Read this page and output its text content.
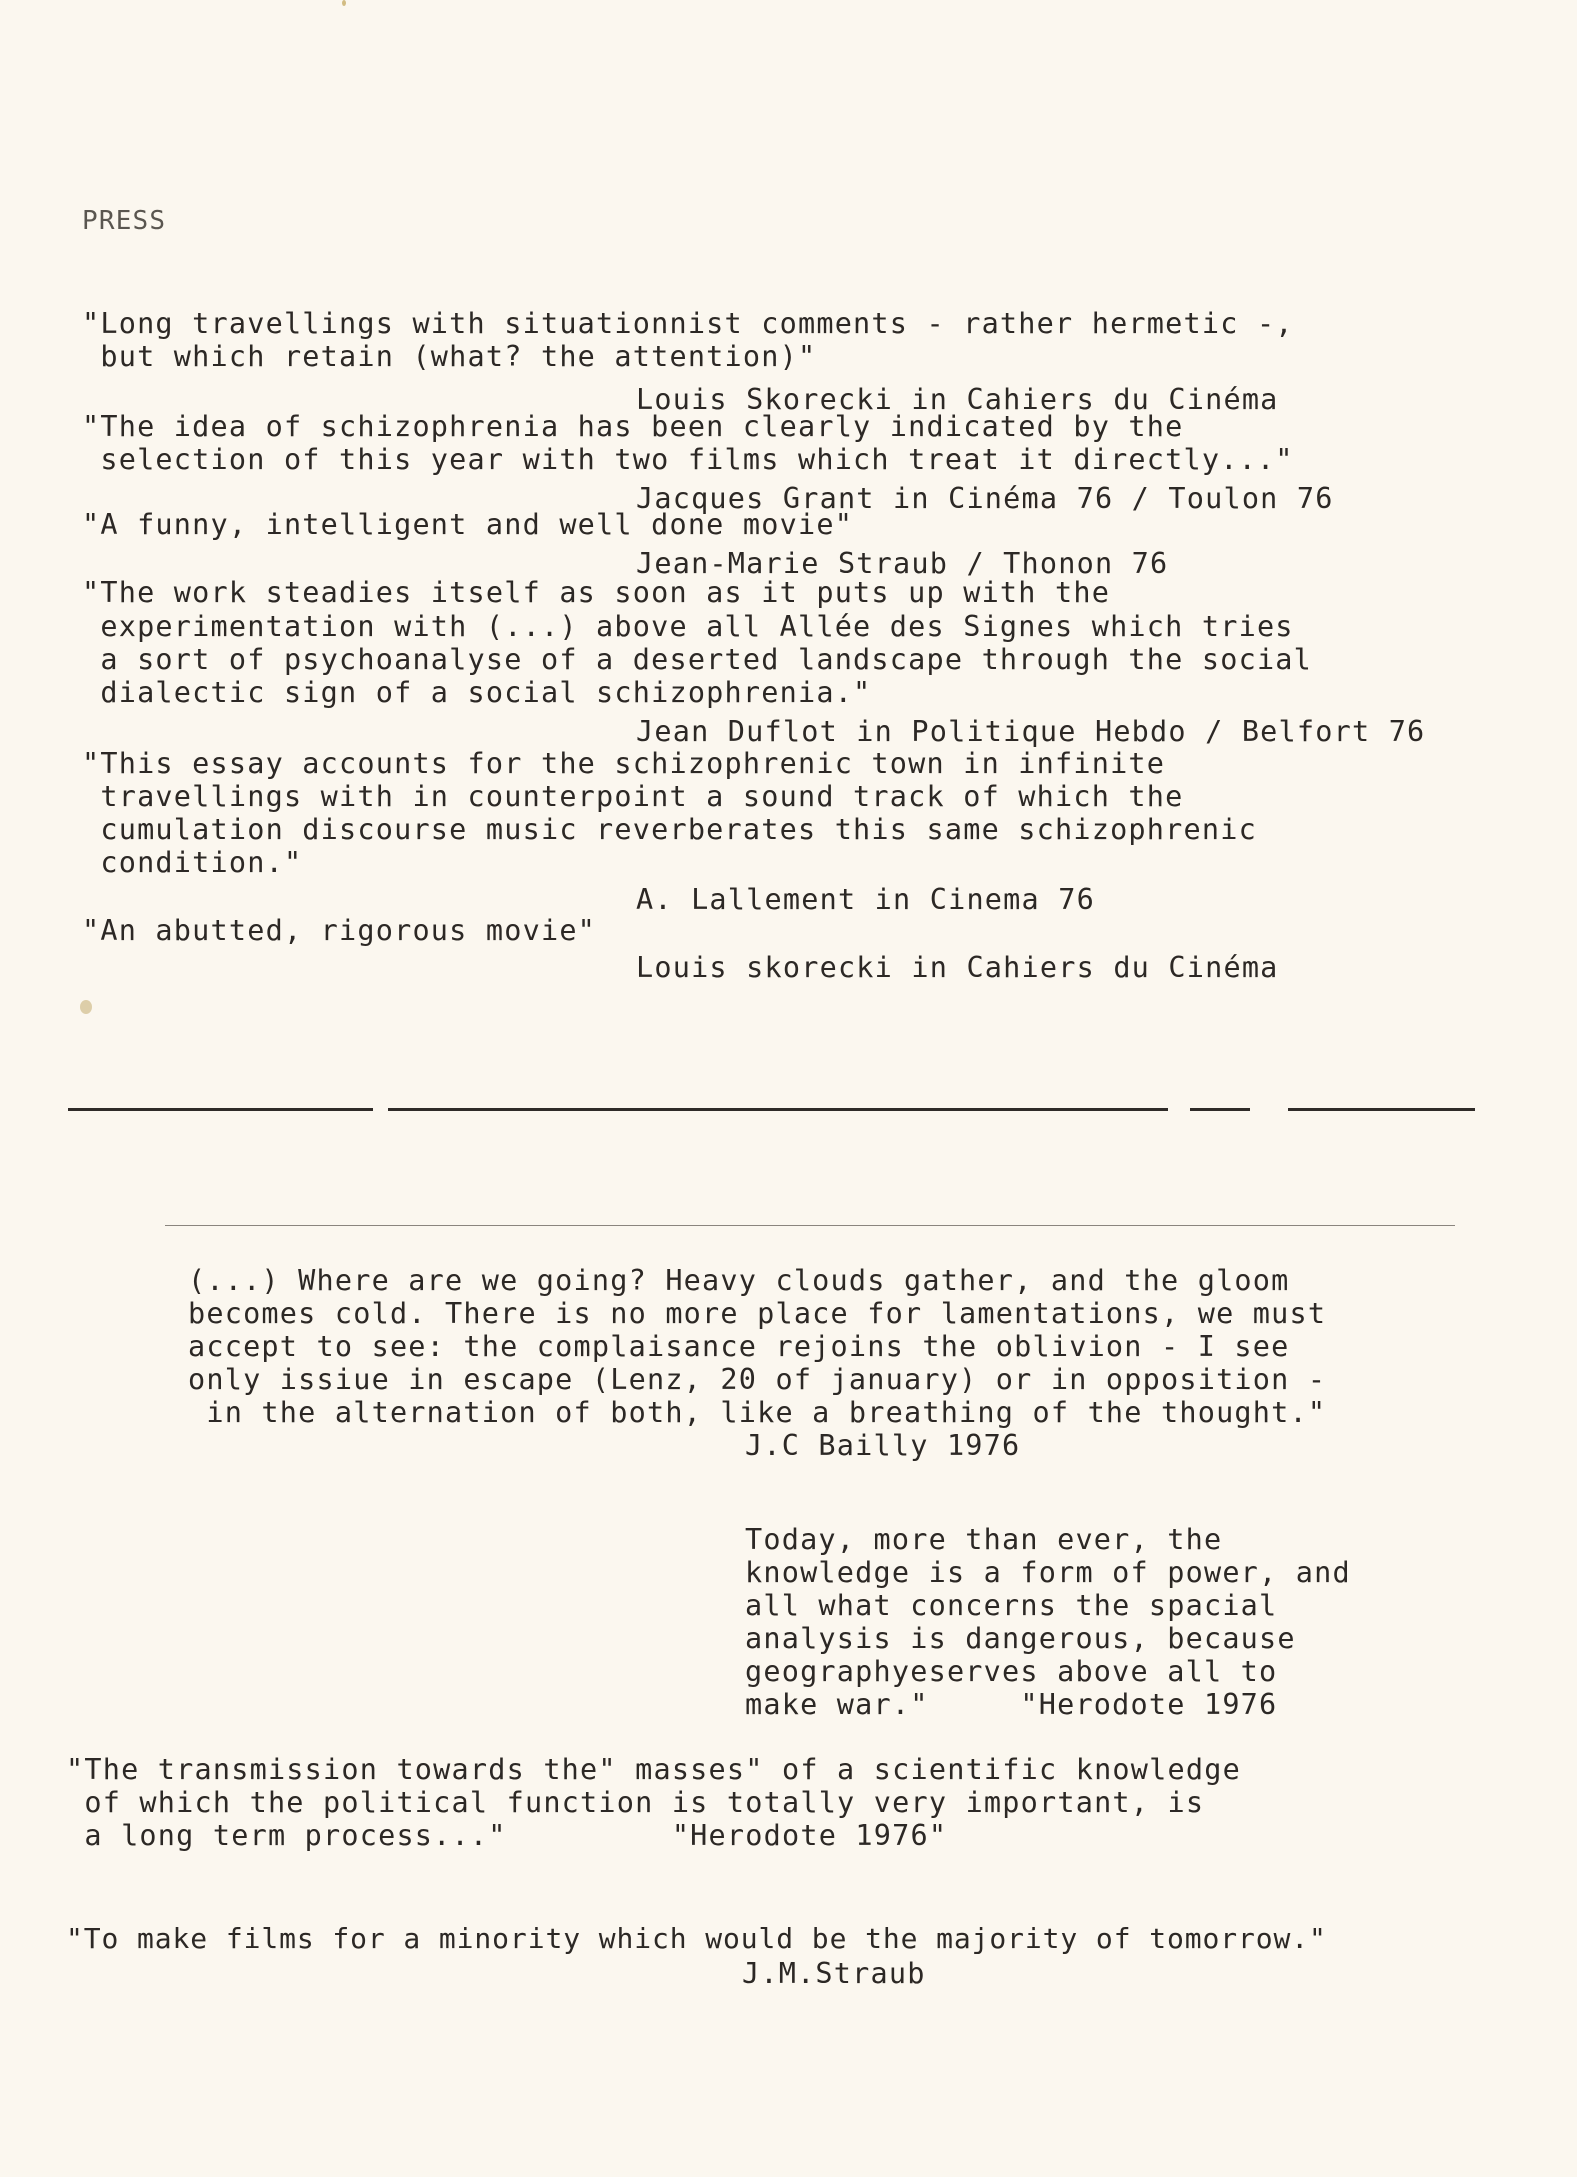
PRESS
"Long travellings with situationnist comments - rather hermetic -,
but which retain (what? the attention)"
Louis Skorecki in Cahiers du Cinéma
"The idea of schizophrenia has been clearly indicated by the
selection of this year with two films which treat it directly..."
Jacques Grant in Cinéma 76 / Toulon 76
"A funny, intelligent and well done movie"
Jean-Marie Straub / Thonon 76
"The work steadies itself as soon as it puts up with the
experimentation with (...) above all Allée des Signes which tries
a sort of psychoanalyse of a deserted landscape through the social
dialectic sign of a social schizophrenia."
Jean Duflot in Politique Hebdo / Belfort 76
"This essay accounts for the schizophrenic town in infinite
travellings with in counterpoint a sound track of which the
cumulation discourse music reverberates this same schizophrenic
condition."
A. Lallement in Cinema 76
"An abutted, rigorous movie"
Louis skorecki in Cahiers du Cinéma
(...) Where are we going? Heavy clouds gather, and the gloom
becomes cold. There is no more place for lamentations, we must
accept to see: the complaisance rejoins the oblivion - I see
only issiue in escape (Lenz, 20 of january) or in opposition -
in the alternation of both, like a breathing of the thought."
J.C Bailly 1976
Today, more than ever, the
knowledge is a form of power, and
all what concerns the spacial
analysis is dangerous, because
geographyeserves above all to
make war."     "Herodote 1976
"The transmission towards the" masses" of a scientific knowledge
of which the political function is totally very important, is
a long term process..."         "Herodote 1976"
"To make films for a minority which would be the majority of tomorrow."
J.M.Straub
